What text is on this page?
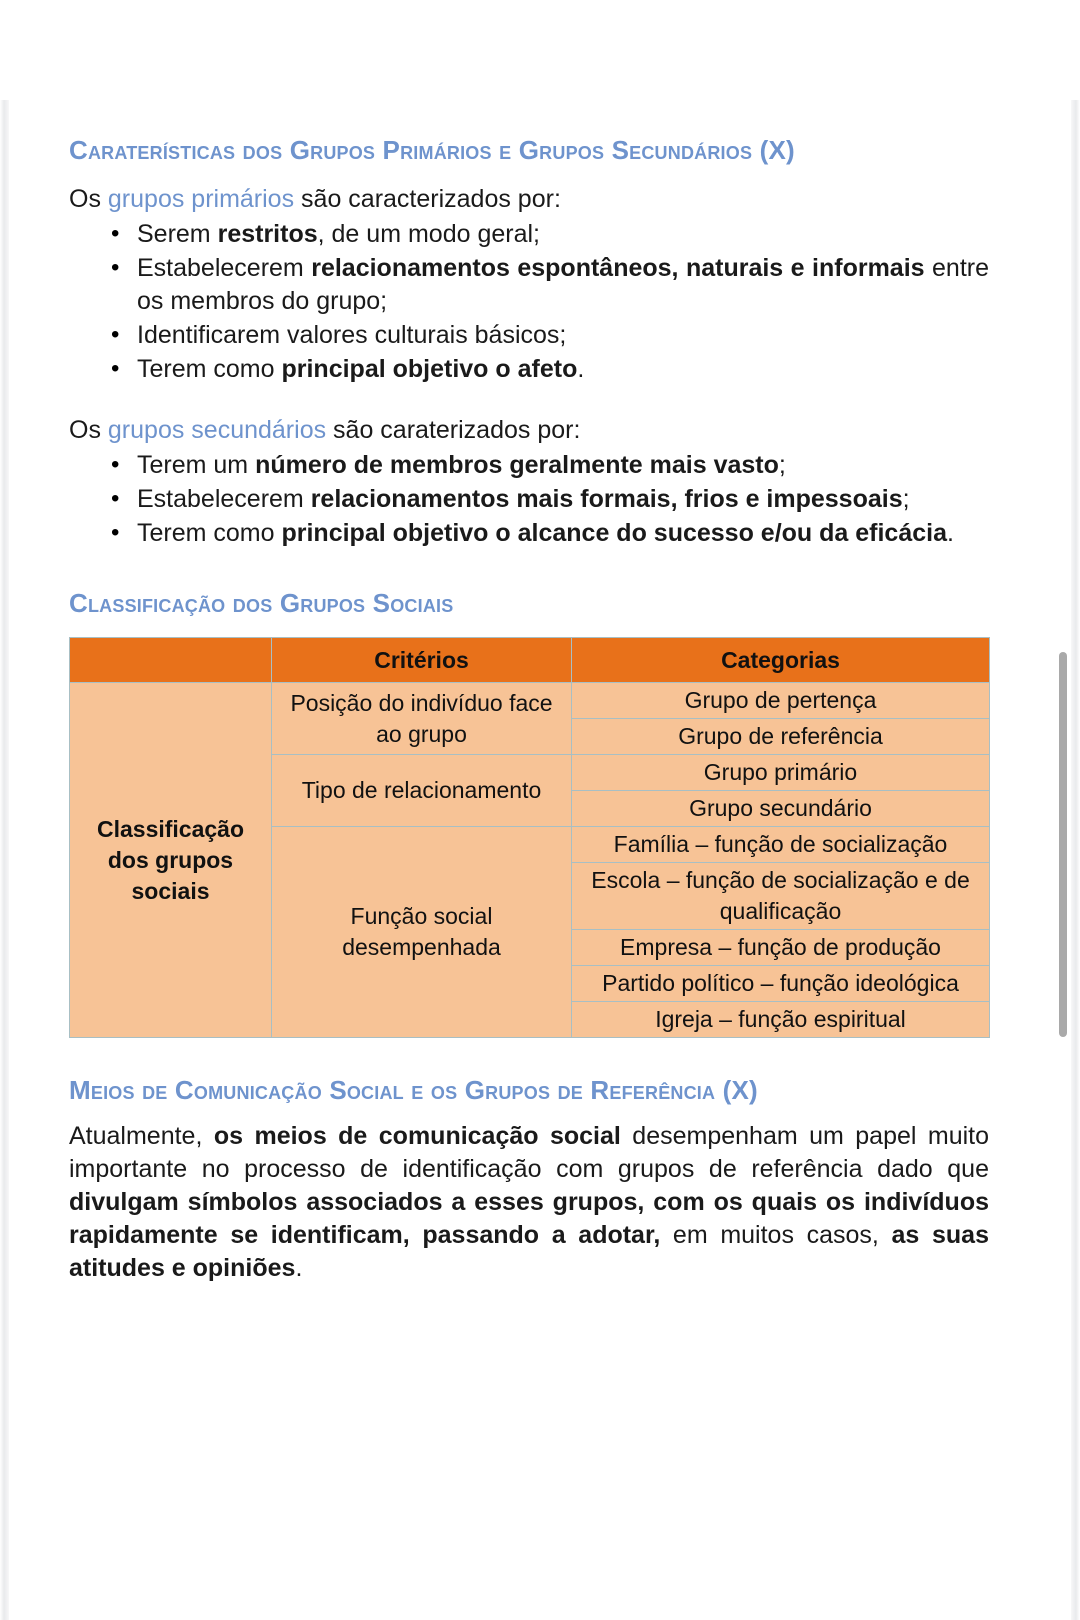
Caraterísticas dos Grupos Primários e Grupos Secundários (X)

Os grupos primários são caracterizados por:

• Serem restritos, de um modo geral;
• Estabelecerem relacionamentos espontâneos, naturais e informais entre os membros do grupo;
• Identificarem valores culturais básicos;
• Terem como principal objetivo o afeto.

Os grupos secundários são caraterizados por:

• Terem um número de membros geralmente mais vasto;
• Estabelecerem relacionamentos mais formais, frios e impessoais;
• Terem como principal objetivo o alcance do sucesso e/ou da eficácia.
Classificação dos Grupos Sociais
	Critérios	Categorias
Classificação dos grupos sociais	Posição do indivíduo face ao grupo	Grupo de pertença
		Grupo de referência
	Tipo de relacionamento	Grupo primário
		Grupo secundário
	Função social desempenhada	Família – função de socialização
		Escola – função de socialização e de qualificação
		Empresa – função de produção
		Partido político – função ideológica
		Igreja – função espiritual
Meios de Comunicação Social e os Grupos de Referência (X)

Atualmente, os meios de comunicação social desempenham um papel muito importante no processo de identificação com grupos de referência dado que divulgam símbolos associados a esses grupos, com os quais os indivíduos rapidamente se identificam, passando a adotar, em muitos casos, as suas atitudes e opiniões.
